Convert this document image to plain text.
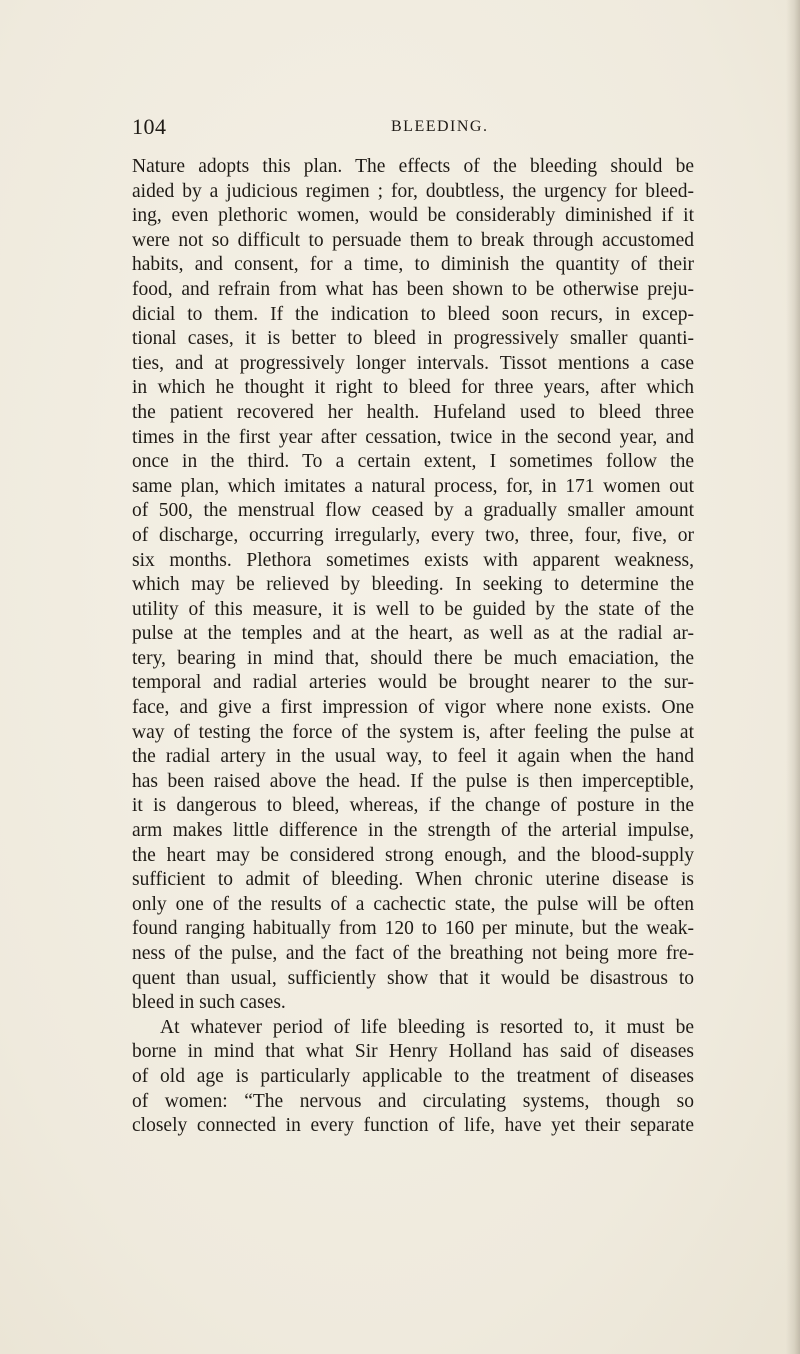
104	BLEEDING.
Nature adopts this plan. The effects of the bleeding should be
aided by a judicious regimen ; for, doubtless, the urgency for bleed-
ing, even plethoric women, would be considerably diminished if it
were not so difficult to persuade them to break through accustomed
habits, and consent, for a time, to diminish the quantity of their
food, and refrain from what has been shown to be otherwise preju-
dicial to them. If the indication to bleed soon recurs, in excep-
tional cases, it is better to bleed in progressively smaller quanti-
ties, and at progressively longer intervals. Tissot mentions a case
in which he thought it right to bleed for three years, after which
the patient recovered her health. Hufeland used to bleed three
times in the first year after cessation, twice in the second year, and
once in the third. To a certain extent, I sometimes follow the
same plan, which imitates a natural process, for, in 171 women out
of 500, the menstrual flow ceased by a gradually smaller amount
of discharge, occurring irregularly, every two, three, four, five, or
six months. Plethora sometimes exists with apparent weakness,
which may be relieved by bleeding. In seeking to determine the
utility of this measure, it is well to be guided by the state of the
pulse at the temples and at the heart, as well as at the radial ar-
tery, bearing in mind that, should there be much emaciation, the
temporal and radial arteries would be brought nearer to the sur-
face, and give a first impression of vigor where none exists. One
way of testing the force of the system is, after feeling the pulse at
the radial artery in the usual way, to feel it again when the hand
has been raised above the head. If the pulse is then imperceptible,
it is dangerous to bleed, whereas, if the change of posture in the
arm makes little difference in the strength of the arterial impulse,
the heart may be considered strong enough, and the blood-supply
sufficient to admit of bleeding. When chronic uterine disease is
only one of the results of a cachectic state, the pulse will be often
found ranging habitually from 120 to 160 per minute, but the weak-
ness of the pulse, and the fact of the breathing not being more fre-
quent than usual, sufficiently show that it would be disastrous to
bleed in such cases.
At whatever period of life bleeding is resorted to, it must be
borne in mind that what Sir Henry Holland has said of diseases
of old age is particularly applicable to the treatment of diseases
of women: “The nervous and circulating systems, though so
closely connected in every function of life, have yet their separate
